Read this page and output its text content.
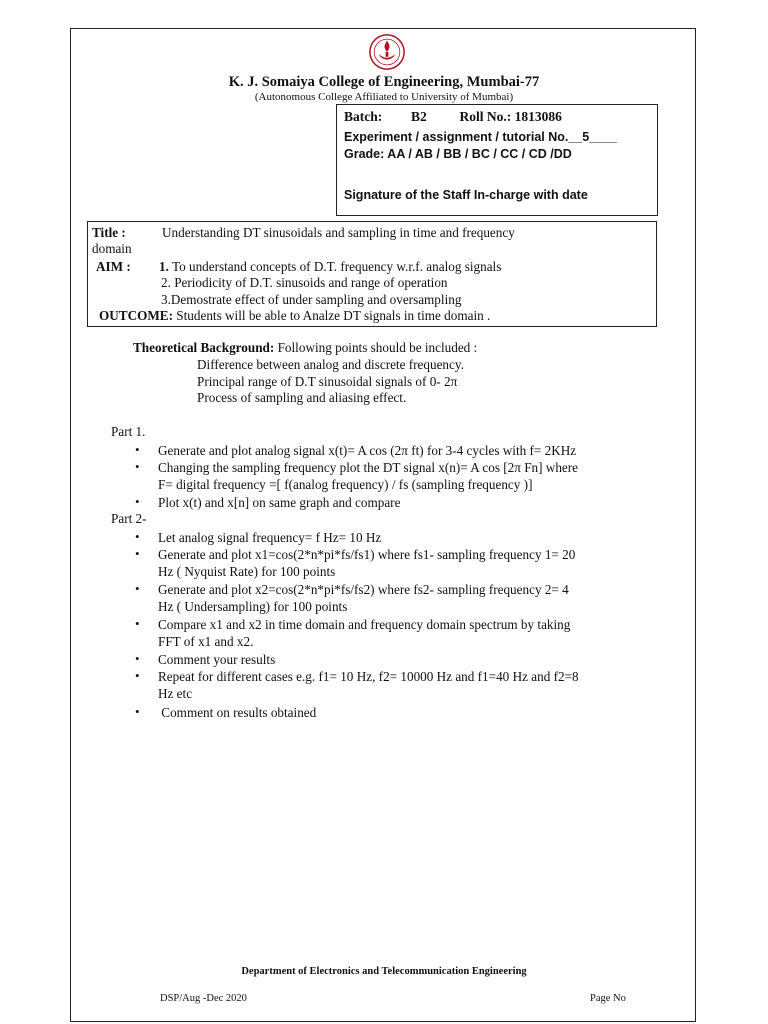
K. J. Somaiya College of Engineering, Mumbai-77
(Autonomous College Affiliated to University of Mumbai)
Batch: B2 Roll No.: 1813086
Experiment / assignment / tutorial No.__5____
Grade: AA / AB / BB / BC / CC / CD /DD
Signature of the Staff In-charge with date
Title :	Understanding DT sinusoidals and sampling in time and frequency
domain
AIM : 1. To understand concepts of D.T. frequency w.r.f. analog signals
2. Periodicity of D.T. sinusoids and range of operation
3.Demostrate effect of under sampling and oversampling
OUTCOME: Students will be able to Analze DT signals in time domain .
Theoretical Background: Following points should be included :
Difference between analog and discrete frequency.
Principal range of D.T sinusoidal signals of 0- 2π
Process of sampling and aliasing effect.
Part 1.
• Generate and plot analog signal x(t)= A cos (2π ft) for 3-4 cycles with f= 2KHz
• Changing the sampling frequency plot the DT signal x(n)= A cos [2π Fn] where
F= digital frequency =[ f(analog frequency) / fs (sampling frequency )]
• Plot x(t) and x[n] on same graph and compare
Part 2-
• Let analog signal frequency= f Hz= 10 Hz
• Generate and plot x1=cos(2*n*pi*fs/fs1) where fs1- sampling frequency 1= 20
Hz ( Nyquist Rate) for 100 points
• Generate and plot x2=cos(2*n*pi*fs/fs2) where fs2- sampling frequency 2= 4
Hz ( Undersampling) for 100 points
• Compare x1 and x2 in time domain and frequency domain spectrum by taking
FFT of x1 and x2.
• Comment your results
• Repeat for different cases e.g. f1= 10 Hz, f2= 10000 Hz and f1=40 Hz and f2=8
Hz etc
• Comment on results obtained
Department of Electronics and Telecommunication Engineering
DSP/Aug -Dec 2020	Page No
